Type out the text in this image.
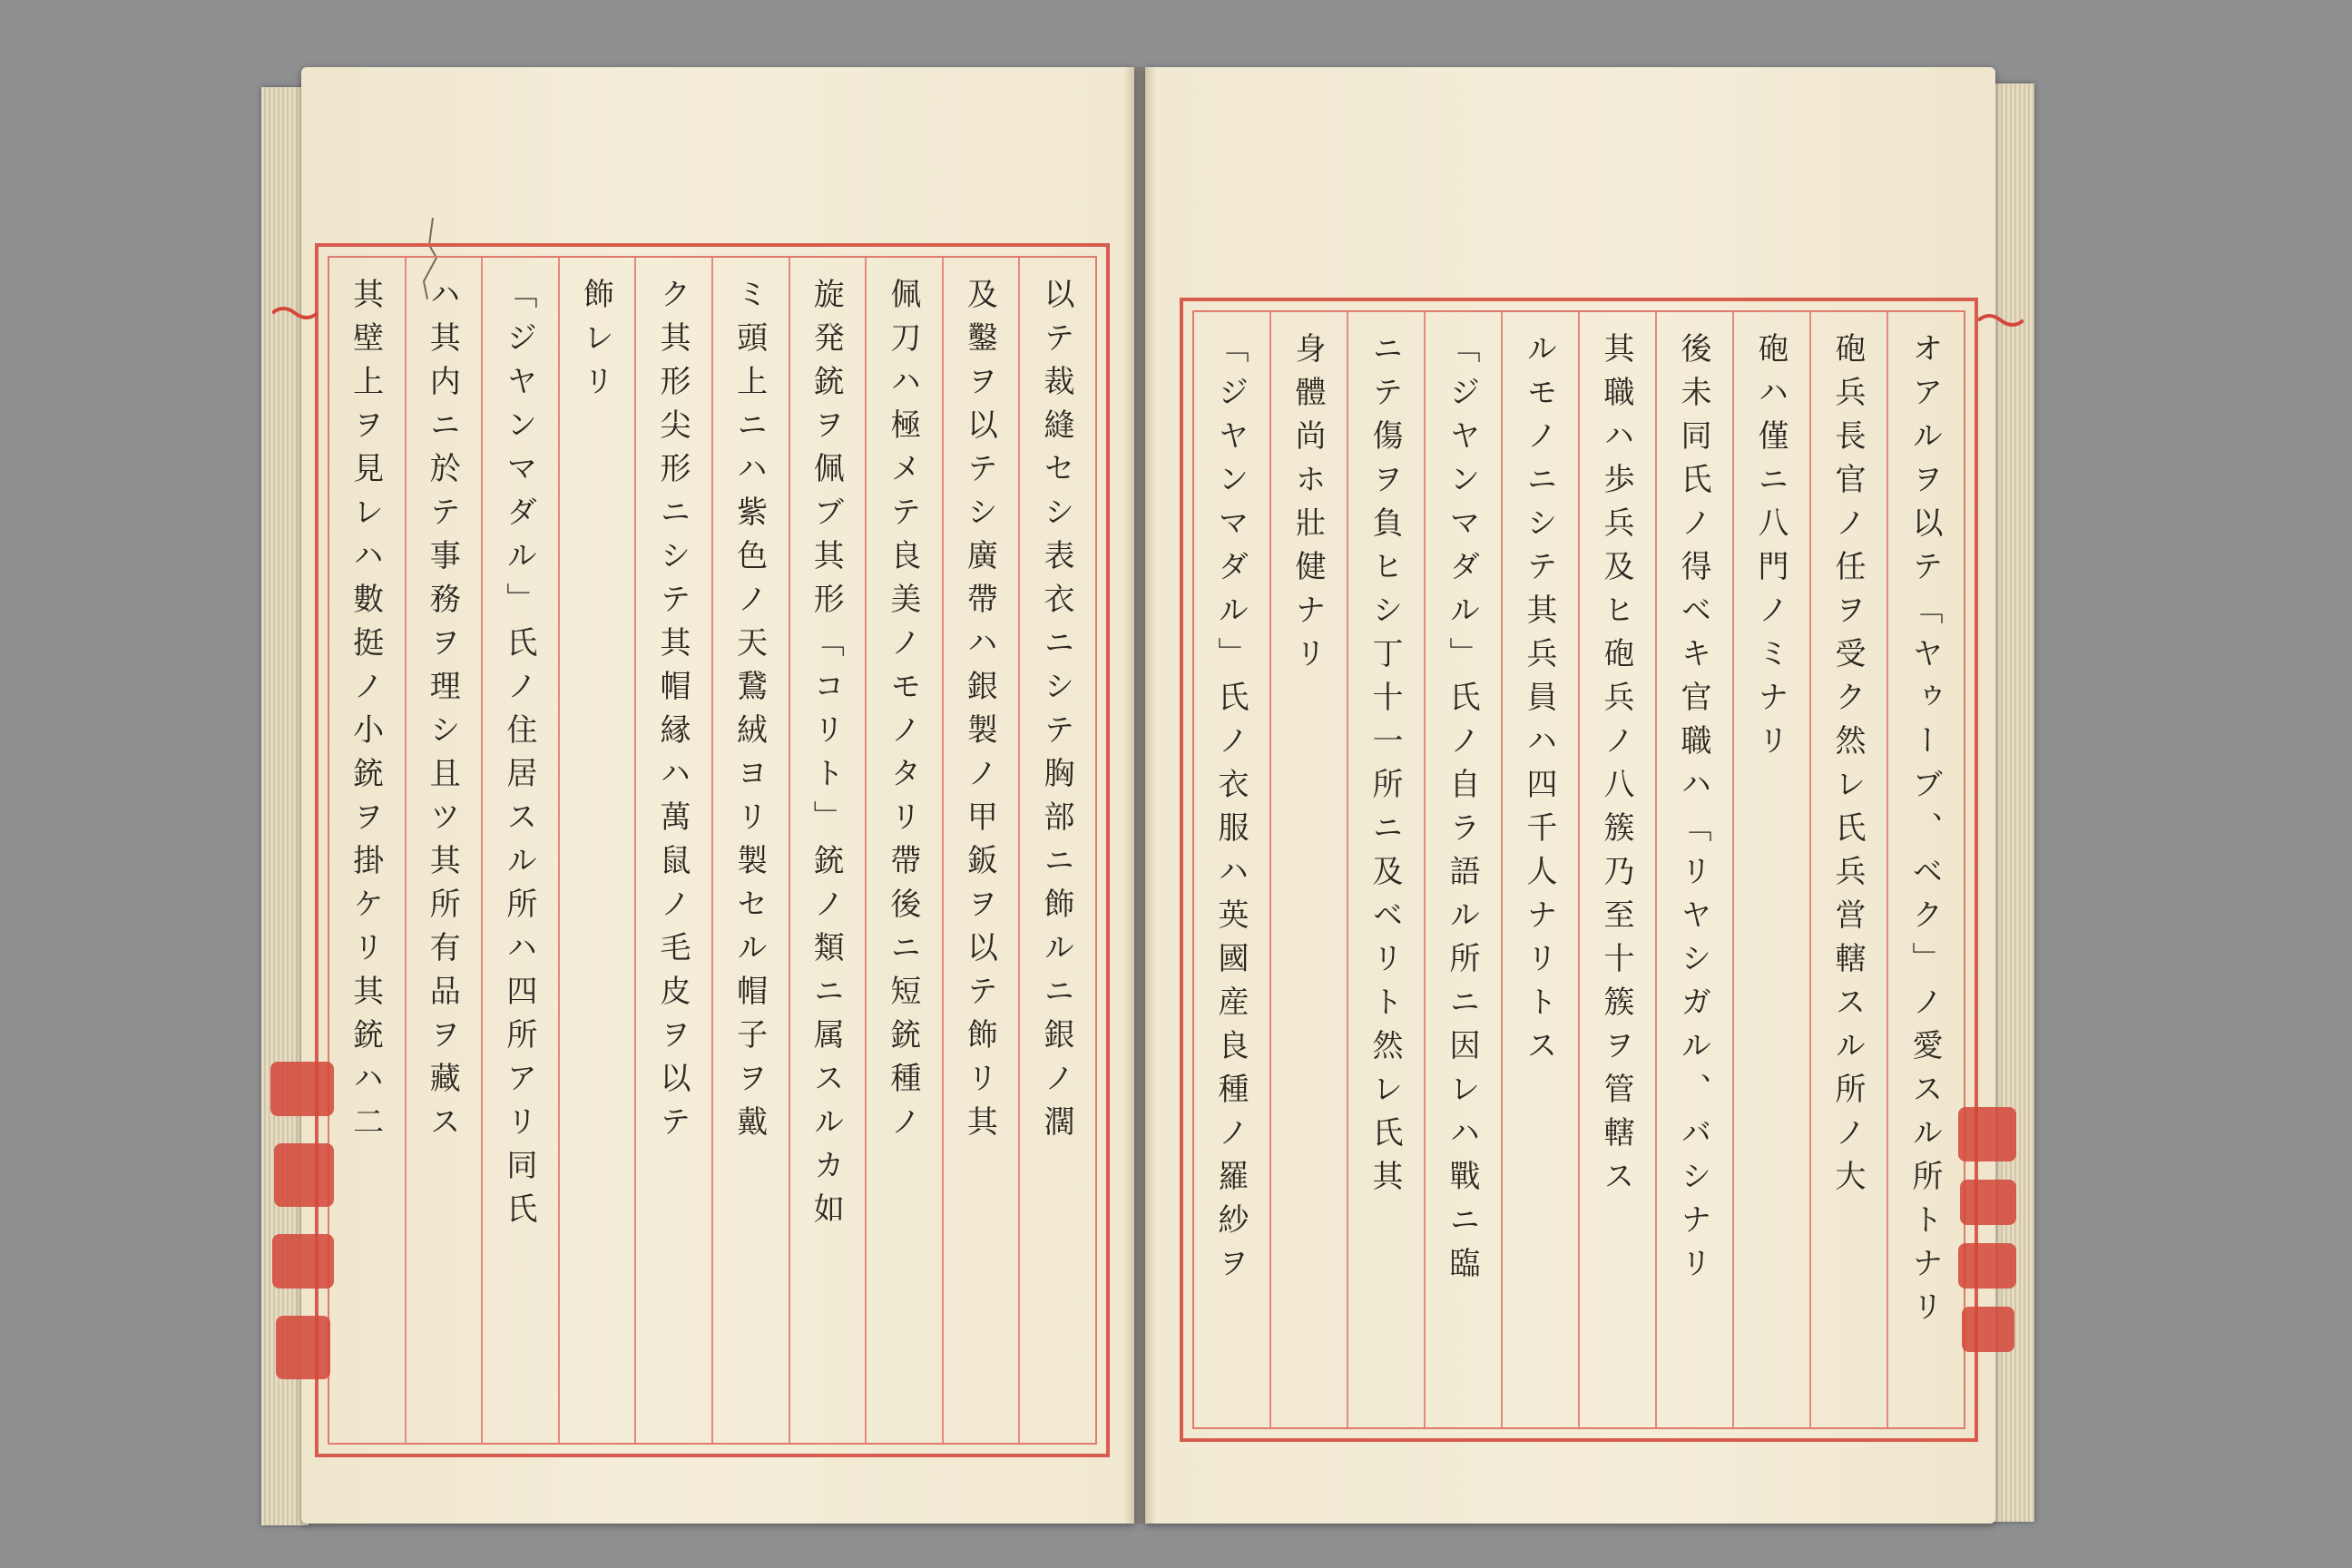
以テ裁縫セシ表衣ニシテ胸部ニ飾ルニ銀ノ濶
及鑿ヲ以テシ廣帶ハ銀製ノ甲鈑ヲ以テ飾リ其
佩刀ハ極メテ良美ノモノタリ帶後ニ短銃種ノ
旋発銃ヲ佩ブ其形「コリト」銃ノ類ニ属スルカ如
ミ頭上ニハ紫色ノ天鵞絨ヨリ製セル帽子ヲ戴
ク其形尖形ニシテ其帽縁ハ萬鼠ノ毛皮ヲ以テ
飾レリ
「ジヤンマダル」氏ノ住居スル所ハ四所アリ同氏
ハ其内ニ於テ事務ヲ理シ且ツ其所有品ヲ藏ス
其壁上ヲ見レハ數挺ノ小銃ヲ掛ケリ其銃ハ二	オアルヲ以テ「ヤゥーブ、ベク」ノ愛スル所トナリ
砲兵長官ノ任ヲ受ク然レ氏兵営轄スル所ノ大
砲ハ僅ニ八門ノミナリ
後未同氏ノ得ベキ官職ハ「リヤシガル、バシナリ
其職ハ歩兵及ヒ砲兵ノ八簇乃至十簇ヲ管轄ス
ルモノニシテ其兵員ハ四千人ナリトス
「ジヤンマダル」氏ノ自ラ語ル所ニ因レハ戰ニ臨
ニテ傷ヲ負ヒシ丁十一所ニ及ベリト然レ氏其
身體尚ホ壯健ナリ
「ジヤンマダル」氏ノ衣服ハ英國産良種ノ羅紗ヲ
